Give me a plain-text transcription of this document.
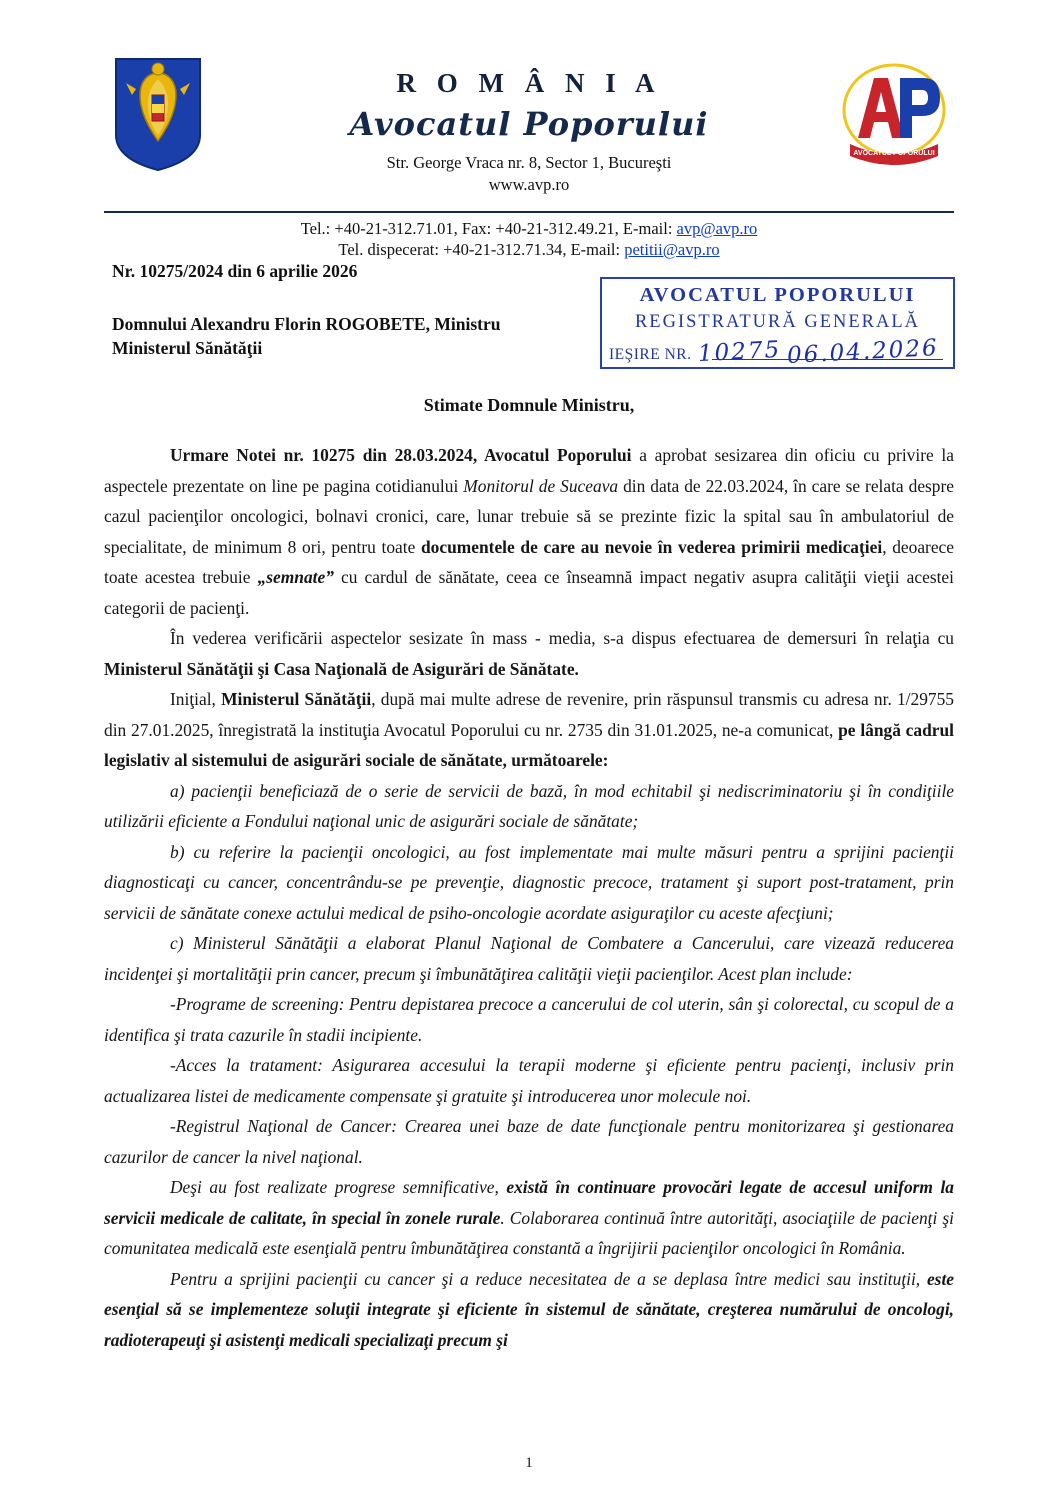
AVOCATUL POPORULUI
R O M Â N I A
Avocatul Poporului
Str. George Vraca nr. 8, Sector 1, Bucureşti
www.avp.ro
Tel.: +40-21-312.71.01, Fax: +40-21-312.49.21, E-mail: avp@avp.ro
Tel. dispecerat: +40-21-312.71.34, E-mail: petitii@avp.ro
Nr. 10275/2024 din 6 aprilie 2026
Domnului Alexandru Florin ROGOBETE, Ministru
Ministerul Sănătăţii
AVOCATUL POPORULUI
REGISTRATURĂ GENERALĂ
IEŞIRE NR. 10275 06.04.2026
Stimate Domnule Ministru,

Urmare Notei nr. 10275 din 28.03.2024, Avocatul Poporului a aprobat sesizarea din oficiu cu privire la aspectele prezentate on line pe pagina cotidianului Monitorul de Suceava din data de 22.03.2024, în care se relata despre cazul pacienţilor oncologici, bolnavi cronici, care, lunar trebuie să se prezinte fizic la spital sau în ambulatoriul de specialitate, de minimum 8 ori, pentru toate documentele de care au nevoie în vederea primirii medicaţiei, deoarece toate acestea trebuie „semnate” cu cardul de sănătate, ceea ce înseamnă impact negativ asupra calităţii vieţii acestei categorii de pacienţi.

În vederea verificării aspectelor sesizate în mass - media, s-a dispus efectuarea de demersuri în relaţia cu Ministerul Sănătăţii şi Casa Naţională de Asigurări de Sănătate.

Iniţial, Ministerul Sănătăţii, după mai multe adrese de revenire, prin răspunsul transmis cu adresa nr. 1/29755 din 27.01.2025, înregistrată la instituţia Avocatul Poporului cu nr. 2735 din 31.01.2025, ne-a comunicat, pe lângă cadrul legislativ al sistemului de asigurări sociale de sănătate, următoarele:

a) pacienţii beneficiază de o serie de servicii de bază, în mod echitabil şi nediscriminatoriu şi în condiţiile utilizării eficiente a Fondului naţional unic de asigurări sociale de sănătate;

b) cu referire la pacienţii oncologici, au fost implementate mai multe măsuri pentru a sprijini pacienţii diagnosticaţi cu cancer, concentrându-se pe prevenţie, diagnostic precoce, tratament şi suport post-tratament, prin servicii de sănătate conexe actului medical de psiho-oncologie acordate asiguraţilor cu aceste afecţiuni;

c) Ministerul Sănătăţii a elaborat Planul Naţional de Combatere a Cancerului, care vizează reducerea incidenţei şi mortalităţii prin cancer, precum şi îmbunătăţirea calităţii vieţii pacienţilor. Acest plan include:

-Programe de screening: Pentru depistarea precoce a cancerului de col uterin, sân şi colorectal, cu scopul de a identifica şi trata cazurile în stadii incipiente.

-Acces la tratament: Asigurarea accesului la terapii moderne şi eficiente pentru pacienţi, inclusiv prin actualizarea listei de medicamente compensate şi gratuite şi introducerea unor molecule noi.

-Registrul Naţional de Cancer: Crearea unei baze de date funcţionale pentru monitorizarea şi gestionarea cazurilor de cancer la nivel naţional.

Deşi au fost realizate progrese semnificative, există în continuare provocări legate de accesul uniform la servicii medicale de calitate, în special în zonele rurale. Colaborarea continuă între autorităţi, asociaţiile de pacienţi şi comunitatea medicală este esenţială pentru îmbunătăţirea constantă a îngrijirii pacienţilor oncologici în România.

Pentru a sprijini pacienţii cu cancer şi a reduce necesitatea de a se deplasa între medici sau instituţii, este esenţial să se implementeze soluţii integrate şi eficiente în sistemul de sănătate, creşterea numărului de oncologi, radioterapeuţi şi asistenţi medicali specializaţi precum şi

1
